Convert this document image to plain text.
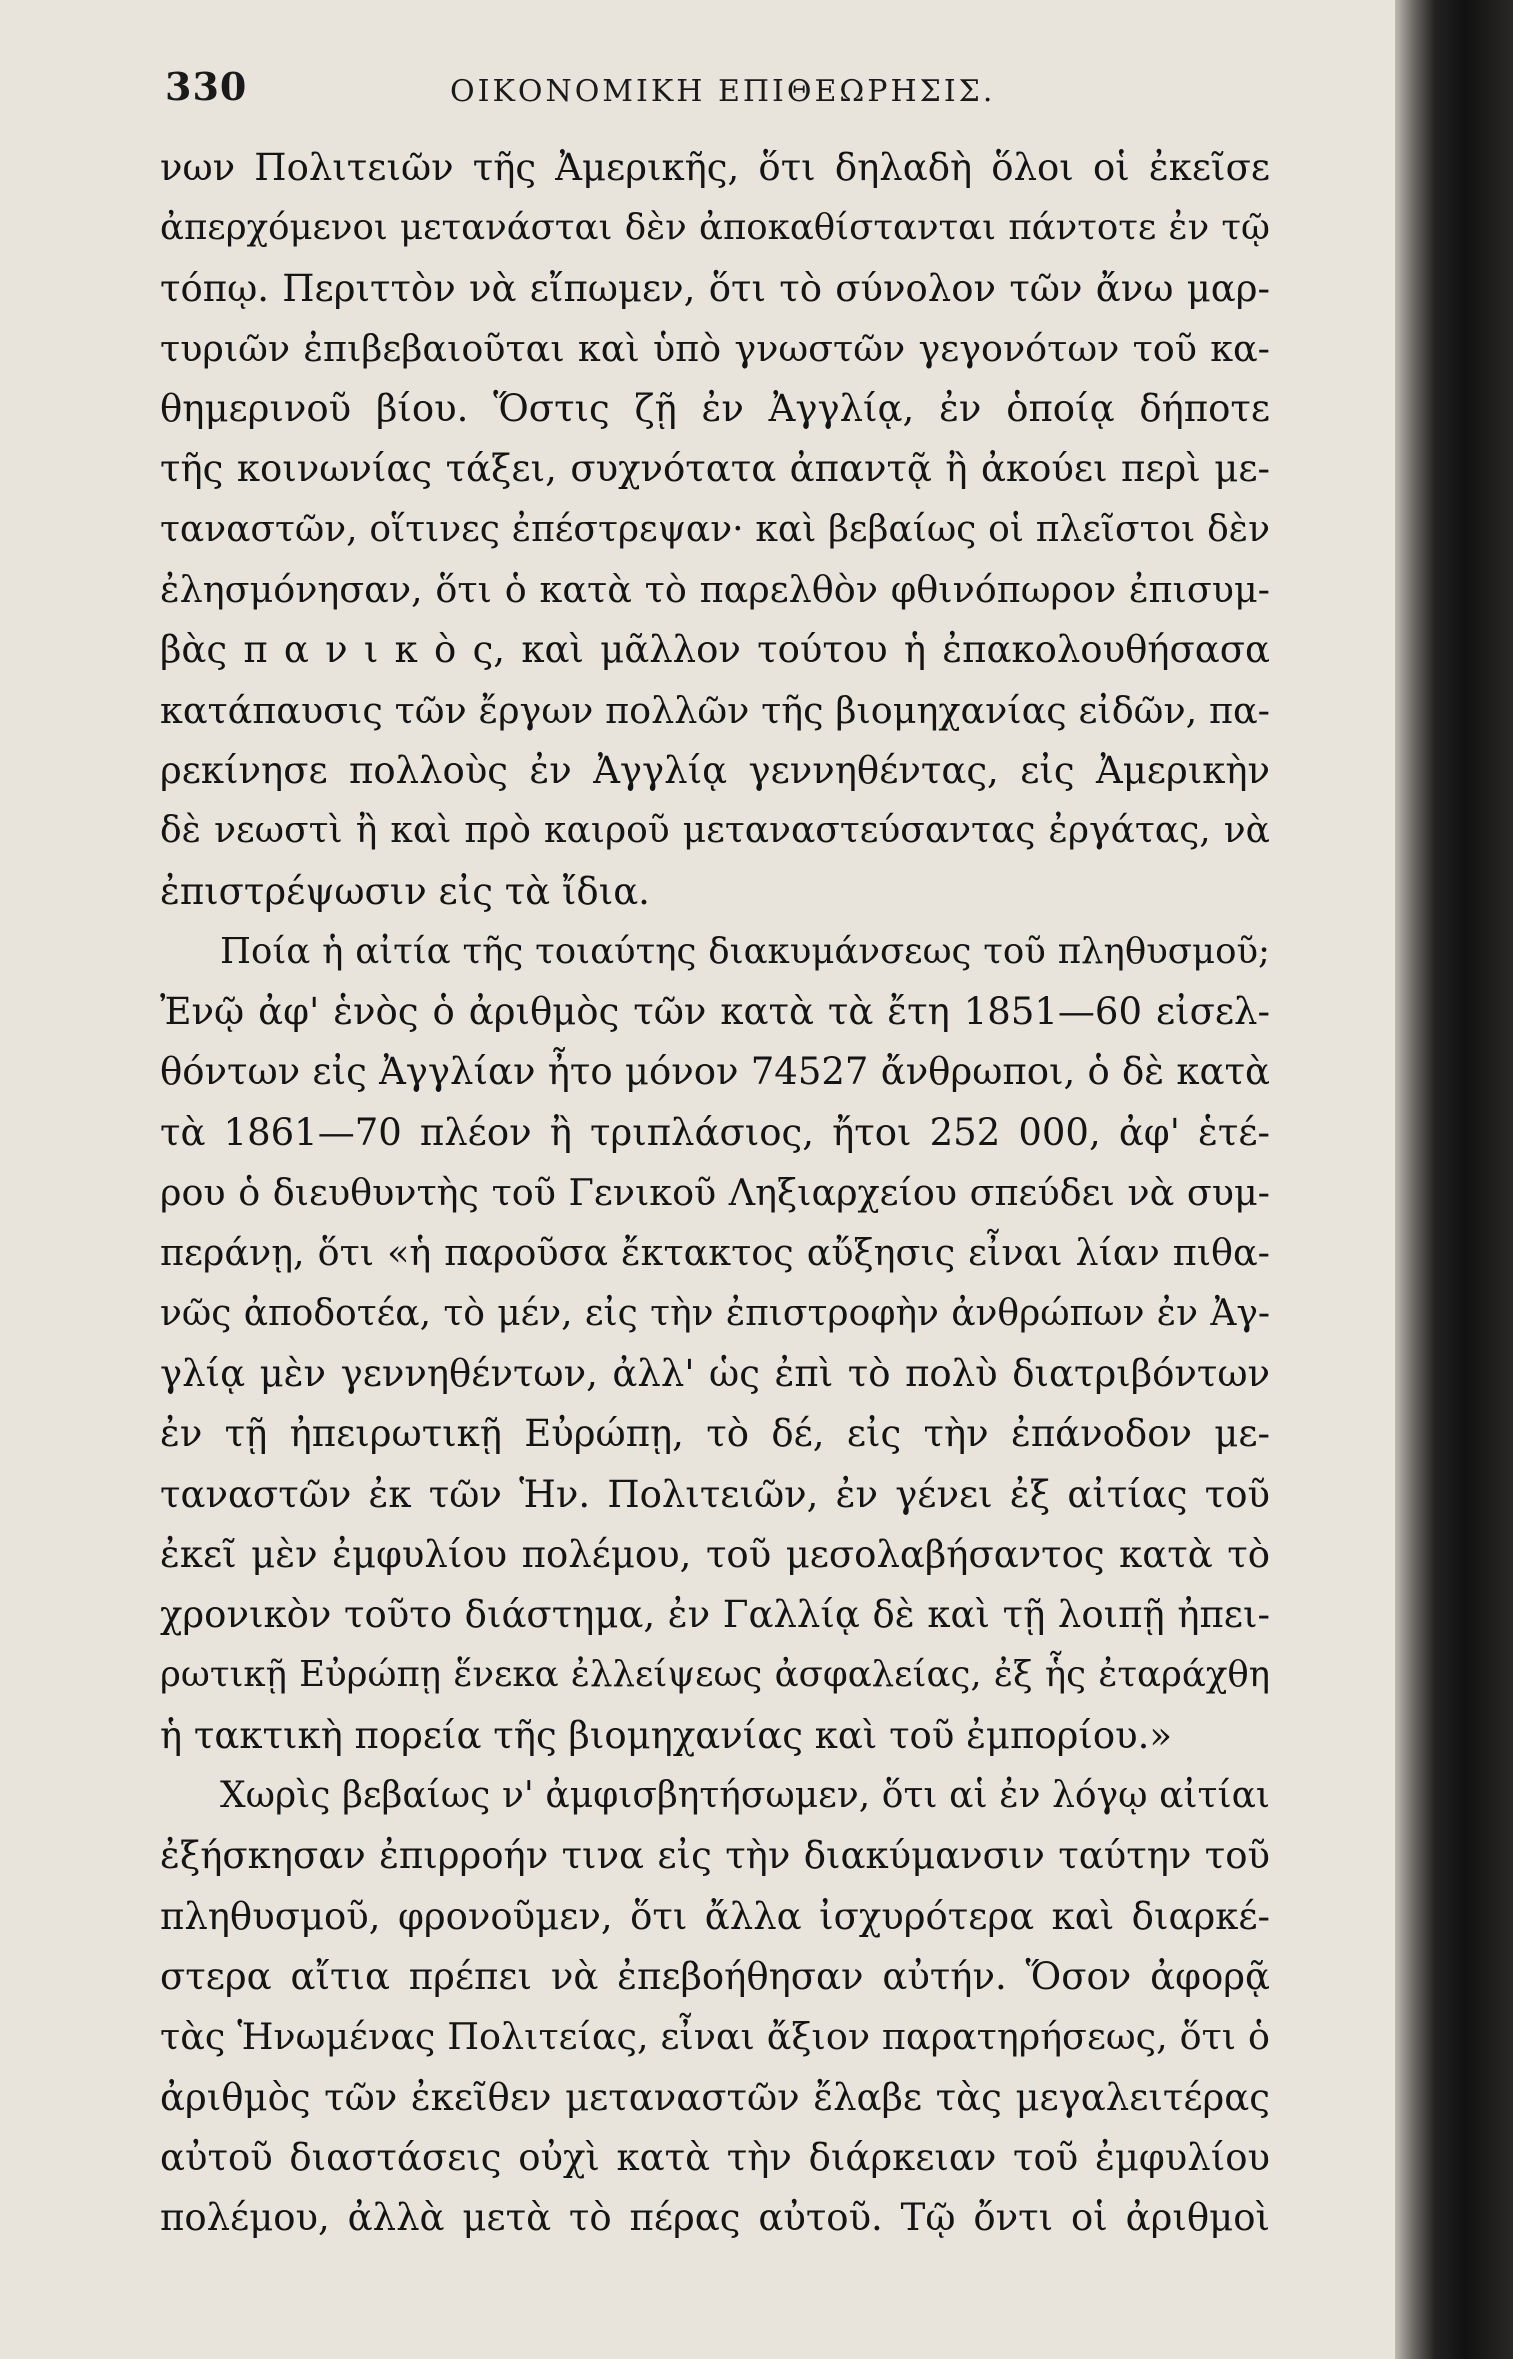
330	ΟΙΚΟΝΟΜΙΚΗ ΕΠΙΘΕΩΡΗΣΙΣ.
νων Πολιτειῶν τῆς Ἀμερικῆς, ὅτι δηλαδὴ ὅλοι οἱ ἐκεῖσε
ἀπερχόμενοι μετανάσται δὲν ἀποκαθίστανται πάντοτε ἐν τῷ
τόπῳ. Περιττὸν νὰ εἴπωμεν, ὅτι τὸ σύνολον τῶν ἄνω μαρ-
τυριῶν ἐπιβεβαιοῦται καὶ ὑπὸ γνωστῶν γεγονότων τοῦ κα-
θημερινοῦ βίου. Ὅστις ζῇ ἐν Ἀγγλίᾳ, ἐν ὁποίᾳ δήποτε
τῆς κοινωνίας τάξει, συχνότατα ἀπαντᾷ ἢ ἀκούει περὶ με-
ταναστῶν, οἵτινες ἐπέστρεψαν· καὶ βεβαίως οἱ πλεῖστοι δὲν
ἐλησμόνησαν, ὅτι ὁ κατὰ τὸ παρελθὸν φθινόπωρον ἐπισυμ-
βὰς π α ν ι κ ὸ ς, καὶ μᾶλλον τούτου ἡ ἐπακολουθήσασα
κατάπαυσις τῶν ἔργων πολλῶν τῆς βιομηχανίας εἰδῶν, πα-
ρεκίνησε πολλοὺς ἐν Ἀγγλίᾳ γεννηθέντας, εἰς Ἀμερικὴν
δὲ νεωστὶ ἢ καὶ πρὸ καιροῦ μεταναστεύσαντας ἐργάτας, νὰ
ἐπιστρέψωσιν εἰς τὰ ἴδια.
Ποία ἡ αἰτία τῆς τοιαύτης διακυμάνσεως τοῦ πληθυσμοῦ;
Ἐνῷ ἀφ' ἑνὸς ὁ ἀριθμὸς τῶν κατὰ τὰ ἔτη 1851—60 εἰσελ-
θόντων εἰς Ἀγγλίαν ἦτο μόνον 74527 ἄνθρωποι, ὁ δὲ κατὰ
τὰ 1861—70 πλέον ἢ τριπλάσιος, ἤτοι 252 000, ἀφ' ἑτέ-
ρου ὁ διευθυντὴς τοῦ Γενικοῦ Ληξιαρχείου σπεύδει νὰ συμ-
περάνῃ, ὅτι «ἡ παροῦσα ἔκτακτος αὔξησις εἶναι λίαν πιθα-
νῶς ἀποδοτέα, τὸ μέν, εἰς τὴν ἐπιστροφὴν ἀνθρώπων ἐν Ἀγ-
γλίᾳ μὲν γεννηθέντων, ἀλλ' ὡς ἐπὶ τὸ πολὺ διατριβόντων
ἐν τῇ ἠπειρωτικῇ Εὐρώπῃ, τὸ δέ, εἰς τὴν ἐπάνοδον με-
ταναστῶν ἐκ τῶν Ἡν. Πολιτειῶν, ἐν γένει ἐξ αἰτίας τοῦ
ἐκεῖ μὲν ἐμφυλίου πολέμου, τοῦ μεσολαβήσαντος κατὰ τὸ
χρονικὸν τοῦτο διάστημα, ἐν Γαλλίᾳ δὲ καὶ τῇ λοιπῇ ἠπει-
ρωτικῇ Εὐρώπῃ ἕνεκα ἐλλείψεως ἀσφαλείας, ἐξ ἧς ἐταράχθη
ἡ τακτικὴ πορεία τῆς βιομηχανίας καὶ τοῦ ἐμπορίου.»
Χωρὶς βεβαίως ν' ἀμφισβητήσωμεν, ὅτι αἱ ἐν λόγῳ αἰτίαι
ἐξήσκησαν ἐπιρροήν τινα εἰς τὴν διακύμανσιν ταύτην τοῦ
πληθυσμοῦ, φρονοῦμεν, ὅτι ἄλλα ἰσχυρότερα καὶ διαρκέ-
στερα αἴτια πρέπει νὰ ἐπεβοήθησαν αὐτήν. Ὅσον ἀφορᾷ
τὰς Ἡνωμένας Πολιτείας, εἶναι ἄξιον παρατηρήσεως, ὅτι ὁ
ἀριθμὸς τῶν ἐκεῖθεν μεταναστῶν ἔλαβε τὰς μεγαλειτέρας
αὐτοῦ διαστάσεις οὐχὶ κατὰ τὴν διάρκειαν τοῦ ἐμφυλίου
πολέμου, ἀλλὰ μετὰ τὸ πέρας αὐτοῦ. Τῷ ὄντι οἱ ἀριθμοὶ
